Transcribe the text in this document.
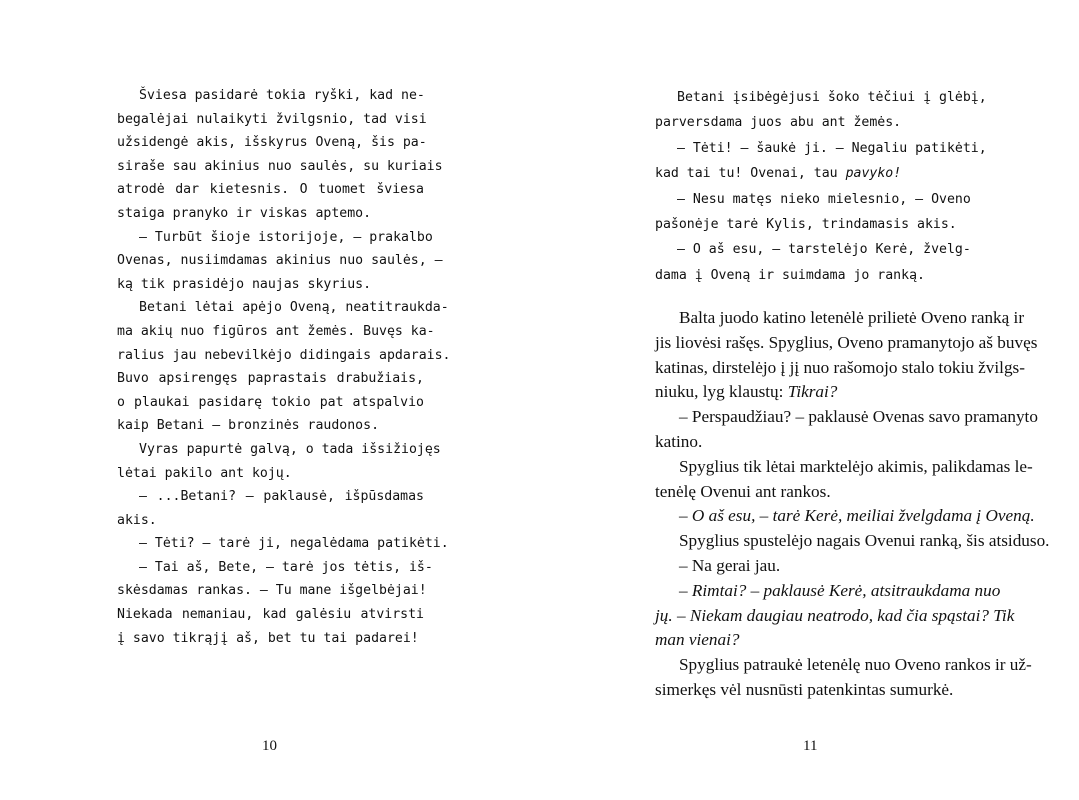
Šviesa pasidarė tokia ryški, kad ne-
begalėjai nulaikyti žvilgsnio, tad visi
užsidengė akis, išskyrus Oveną, šis pa-
siraše sau akinius nuo saulės, su kuriais
atrodė dar kietesnis. O tuomet šviesa
staiga pranyko ir viskas aptemo.
– Turbūt šioje istorijoje, – prakalbo
Ovenas, nusiimdamas akinius nuo saulės, –
ką tik prasidėjo naujas skyrius.
Betani lėtai apėjo Oveną, neatitraukda-
ma akių nuo figūros ant žemės. Buvęs ka-
ralius jau nebevilkėjo didingais apdarais.
Buvo apsirengęs paprastais drabužiais,
o plaukai pasidarę tokio pat atspalvio
kaip Betani – bronzinės raudonos.
Vyras papurtė galvą, o tada išsižiojęs
lėtai pakilo ant kojų.
– ...Betani? – paklausė, išpūsdamas
akis.
– Tėti? – tarė ji, negalėdama patikėti.
– Tai aš, Bete, – tarė jos tėtis, iš-
skėsdamas rankas. – Tu mane išgelbėjai!
Niekada nemaniau, kad galėsiu atvirsti
į savo tikrąjį aš, bet tu tai padarei!
10
Betani įsibėgėjusi šoko tėčiui į glėbį,
parversdama juos abu ant žemės.
– Tėti! – šaukė ji. – Negaliu patikėti,
kad tai tu! Ovenai, tau pavyko!
– Nesu matęs nieko mielesnio, – Oveno
pašonėje tarė Kylis, trindamasis akis.
– O aš esu, – tarstelėjo Kerė, žvelg-
dama į Oveną ir suimdama jo ranką.
Balta juodo katino letenėlė prilietė Oveno ranką ir
jis liovėsi rašęs. Spyglius, Oveno pramanytojo aš buvęs
katinas, dirstelėjo į jį nuo rašomojo stalo tokiu žvilgs-
niuku, lyg klaustų: Tikrai?
– Perspaudžiau? – paklausė Ovenas savo pramanyto
katino.
Spyglius tik lėtai marktelėjo akimis, palikdamas le-
tenėlę Ovenui ant rankos.
– O aš esu, – tarė Kerė, meiliai žvelgdama į Oveną.
Spyglius spustelėjo nagais Ovenui ranką, šis atsiduso.
– Na gerai jau.
– Rimtai? – paklausė Kerė, atsitraukdama nuo
jų. – Niekam daugiau neatrodo, kad čia spąstai? Tik
man vienai?
Spyglius patraukė letenėlę nuo Oveno rankos ir už-
simerkęs vėl nusnūsti patenkintas sumurkė.
11
